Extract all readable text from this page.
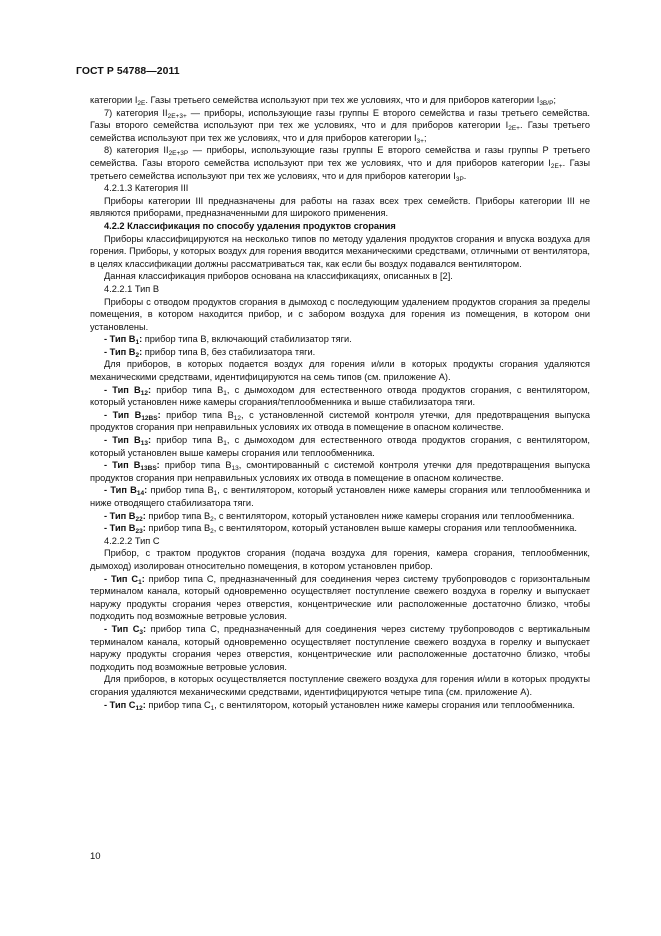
ГОСТ Р 54788—2011

категории $I_{2E}$. Газы третьего семейства используют при тех же условиях, что и для приборов категории $I_{3B/P}$;

7) категория $II_{2E+3+}$ — приборы, использующие газы группы Е второго семейства и газы третьего семейства. Газы второго семейства используют при тех же условиях, что и для приборов категории $I_{2E+}$. Газы третьего семейства используют при тех же условиях, что и для приборов категории $I_{3+}$;

8) категория $II_{2E+3P}$ — приборы, использующие газы группы Е второго семейства и газы группы Р третьего семейства. Газы второго семейства используют при тех же условиях, что и для приборов категории $I_{2E+}$. Газы третьего семейства используют при тех же условиях, что и для приборов категории $I_{3P}$.

4.2.1.3 Категория III

Приборы категории III предназначены для работы на газах всех трех семейств. Приборы категории III не являются приборами, предназначенными для широкого применения.

4.2.2 Классификация по способу удаления продуктов сгорания

Приборы классифицируются на несколько типов по методу удаления продуктов сгорания и впуска воздуха для горения. Приборы, у которых воздух для горения вводится механическими средствами, отличными от вентилятора, в целях классификации должны рассматриваться так, как если бы воздух подавался вентилятором.

Данная классификация приборов основана на классификациях, описанных в [2].

4.2.2.1 Тип В

Приборы с отводом продуктов сгорания в дымоход с последующим удалением продуктов сгорания за пределы помещения, в котором находится прибор, и с забором воздуха для горения из помещения, в котором они установлены.

- Тип $В_1$: прибор типа В, включающий стабилизатор тяги.

- Тип $В_2$: прибор типа В, без стабилизатора тяги.

Для приборов, в которых подается воздух для горения и/или в которых продукты сгорания удаляются механическими средствами, идентифицируются на семь типов (см. приложение А).

- Тип $В_{12}$: прибор типа $В_1$, с дымоходом для естественного отвода продуктов сгорания, с вентилятором, который установлен ниже камеры сгорания/теплообменника и выше стабилизатора тяги.

- Тип $В_{12BS}$: прибор типа $В_{12}$, с установленной системой контроля утечки, для предотвращения выпуска продуктов сгорания при неправильных условиях их отвода в помещение в опасном количестве.

- Тип $В_{13}$: прибор типа $В_1$, с дымоходом для естественного отвода продуктов сгорания, с вентилятором, который установлен выше камеры сгорания или теплообменника.

- Тип $В_{13BS}$: прибор типа $В_{13}$, смонтированный с системой контроля утечки для предотвращения выпуска продуктов сгорания при неправильных условиях их отвода в помещение в опасном количестве.

- Тип $В_{14}$: прибор типа $В_1$, с вентилятором, который установлен ниже камеры сгорания или теплообменника и ниже отводящего стабилизатора тяги.

- Тип $В_{22}$: прибор типа $В_2$, с вентилятором, который установлен ниже камеры сгорания или теплообменника.

- Тип $В_{23}$: прибор типа $В_2$, с вентилятором, который установлен выше камеры сгорания или теплообменника.

4.2.2.2 Тип С

Прибор, с трактом продуктов сгорания (подача воздуха для горения, камера сгорания, теплообменник, дымоход) изолирован относительно помещения, в котором установлен прибор.

- Тип $С_1$: прибор типа С, предназначенный для соединения через систему трубопроводов с горизонтальным терминалом канала, который одновременно осуществляет поступление свежего воздуха в горелку и выпускает наружу продукты сгорания через отверстия, концентрические или расположенные достаточно близко, чтобы подходить под возможные ветровые условия.

- Тип $С_3$: прибор типа С, предназначенный для соединения через систему трубопроводов с вертикальным терминалом канала, который одновременно осуществляет поступление свежего воздуха в горелку и выпускает наружу продукты сгорания через отверстия, концентрические или расположенные достаточно близко, чтобы подходить под возможные ветровые условия.

Для приборов, в которых осуществляется поступление свежего воздуха для горения и/или в которых продукты сгорания удаляются механическими средствами, идентифицируются четыре типа (см. приложение А).

- Тип $С_{12}$: прибор типа $С_1$, с вентилятором, который установлен ниже камеры сгорания или теплообменника.

10
